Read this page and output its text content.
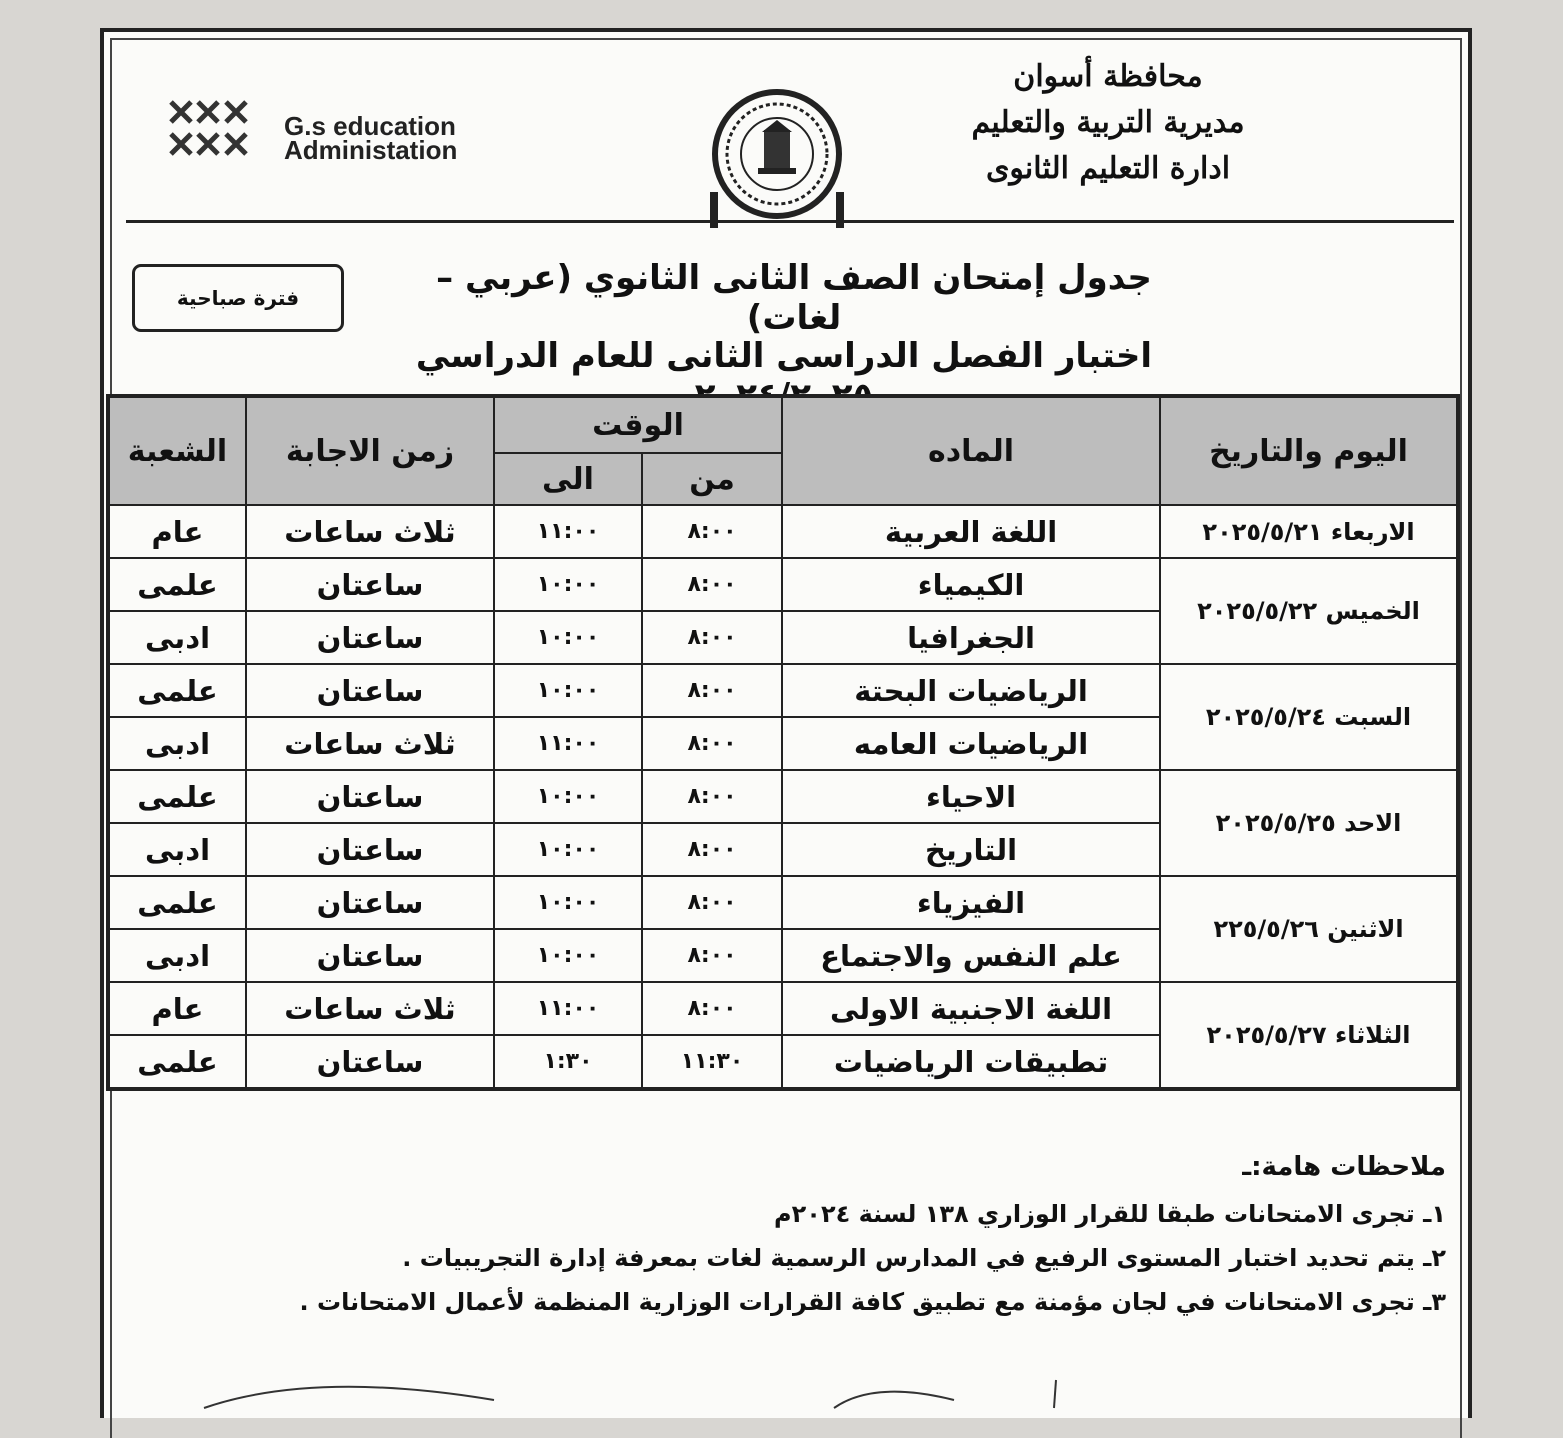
محافظة أسوان
مديرية التربية والتعليم
ادارة التعليم الثانوى
G.s education
Administation
فترة صباحية	جدول إمتحان الصف الثانى الثانوي (عربي – لغات)
اختبار الفصل الدراسى الثانى للعام الدراسي
اليوم والتاريخ	الماده	الوقت		زمن الاجابة	الشعبة
		من	الى		
الاربعاء ٢٠٢٥/٥/٢١	اللغة العربية	٨:٠٠	١١:٠٠	ثلاث ساعات	عام
الخميس ٢٠٢٥/٥/٢٢	الكيمياء	٨:٠٠	١٠:٠٠	ساعتان	علمى
	الجغرافيا	٨:٠٠	١٠:٠٠	ساعتان	ادبى
السبت ٢٠٢٥/٥/٢٤	الرياضيات البحتة	٨:٠٠	١٠:٠٠	ساعتان	علمى
	الرياضيات العامه	٨:٠٠	١١:٠٠	ثلاث ساعات	ادبى
الاحد ٢٠٢٥/٥/٢٥	الاحياء	٨:٠٠	١٠:٠٠	ساعتان	علمى
	التاريخ	٨:٠٠	١٠:٠٠	ساعتان	ادبى
الاثنين ٢٢٥/٥/٢٦	الفيزياء	٨:٠٠	١٠:٠٠	ساعتان	علمى
	علم النفس والاجتماع	٨:٠٠	١٠:٠٠	ساعتان	ادبى
الثلاثاء ٢٠٢٥/٥/٢٧	اللغة الاجنبية الاولى	٨:٠٠	١١:٠٠	ثلاث ساعات	عام
	تطبيقات الرياضيات	١١:٣٠	١:٣٠	ساعتان	علمى
ملاحظات هامة:ـ
١ـ تجرى الامتحانات طبقا للقرار الوزاري ١٣٨ لسنة ٢٠٢٤م
٢ـ يتم تحديد اختبار المستوى الرفيع في المدارس الرسمية لغات بمعرفة إدارة التجريبيات .
٣ـ تجرى الامتحانات في لجان مؤمنة مع تطبيق كافة القرارات الوزارية المنظمة لأعمال الامتحانات .
